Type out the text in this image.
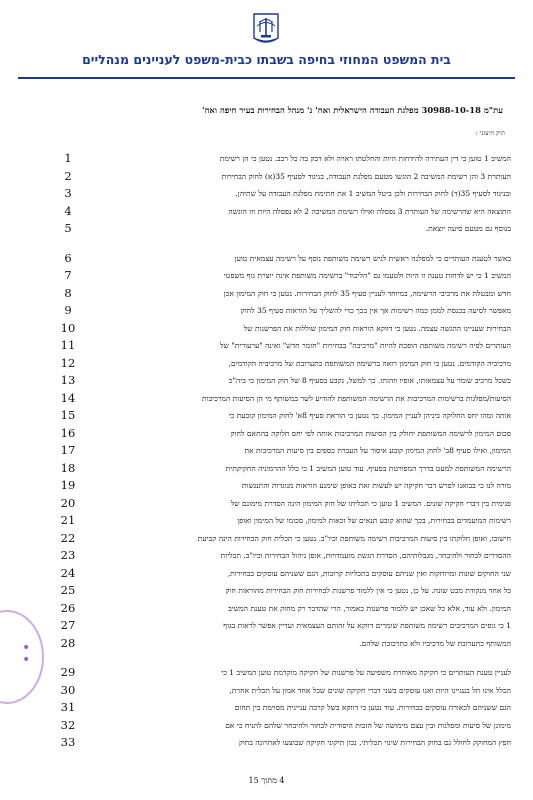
בית המשפט המחוזי בחיפה בשבתו כבית-משפט לעניינים מנהליים
עת"מ 30988-10-18 מפלגת העבודה הישראלית ואח' נ' מנהל הבחירות בעיר חיפה ואח'
תיק חיצוני :
1
2
3
4
5
6
7
8
9
10
11
12
13
14
15
16
17
18
19
20
21
22
23
24
25
26
27
28
29
30
31
32
33
המשיב 1 טוען כי דין העתירה להידחות היות והחלטתו ראויה ולא דבק בה כל רבב. נטען כי הן רשימת
העותרת 3 והן רשימת המשיבה 2 הוגשו מטעם מפלגת העבודה, בניגוד לסעיף 35(א) לחוק הבחירות
ובניגוד לסעיף 35(ד) לחוק הבחירות ולכן ביטל המשיב 1 את חתימת מפלגת העבודה על שתיהן.
התוצאה היא שהרשימה של העותרת 3 נפסלה ואילו רשימת המשיבה 2 לא נפסלה היות וזו הוגשה
בנוסף גם מטעם סיעה יוצאת.
באשר לטענת העותרים כי למפלגה ראשית לגיש רשימה משותפת נוסף על רשימה עצמאית טוען
המשיב 1 כי יש לדחות טענה זו היות ולטעמו גם "הליכוד" ברשימה משותפת אינה יוצרת גוף משפטי
חדש ומבטלת את מרכיבי הרשימה, במיוחד לעניין סעיף 35 לחוק הבחירות. נטען כי חוק המימון אכן
מאפשר לסיעה בכנסת לממן כמה רשימות אך אין בכך כדי להשליך על הוראות סעיף 35 לחוק
הבחירות שעניינו ההגשה עצמה. נטען כי דווקא הוראות חוק המימון שוללות את הפרשנות של
העותרים לפיה רשימה משותפת הופכת להיות "מרכיבה" בבחירות "חומר חדש" ואינה "ערעורית" של
מרכיביה הקודמים. נטען כי חוק המימון רואה ברשימה המשותפת כתערובת של מרכיביה הקודמים,
כשכל מרכיב שומר על עצמאותו, אופיו וזהותו. כך למשל, נקבע בסעיף 8 של חוק המימון כי ביה"כ
הסיעות/מפלגות ברשימות המרכיבות את הרשימה המשותפת להודיע לשר במשותף מי הן הסיעות המרכיבות
אותה ומהו יחס החלוקה ביניהן לעניין המימון. כך נטען כי הוראת סעיף 8א' לחוק המימון קובעת כי
סכום המימון לרשימה המשותפת יחולק בין הסיעות המרכיבות אותה לפי יחס חלוקה בהתאם לחוק
המימון, ואילו סעיף 8ב' לחוק המימון קובע איסור על העברת כספים בין סיעות המרכיבות את
הרשימה המשותפת למעט בדרך המפורטת בסעיף. עוד טוען המשיב 1 כי כלל ההרמוניה החקיקתית
מורה לנו כי בבואנו לפרש דבר חקיקה יש לעשות זאת באופן שימנע הוראות מנוגדות והתנגשות
פנימית בין דברי חקיקה שונים. המשיב 1 טוען כי תכליתו של חוק המימון הינה הסדרת מימונם של
רשימות המועמדים בבחירות, בכך שהוא קובע תנאים של זכאות למימון, סכומו של המימון ואופן
חישובו, ואופן חלוקתו בין סיעות המרכיבות רשימה משותפת וכיו"ב. נטען כי תכלית חוק הבחירות הינה קביעת
ההסדרים לבחור ולהיבחר, מגבלותיהם, הסדרת הגשת מועמדויות, אופן ניהול הבחירות וכיו"ב. תכליות
שני החוקים שונות ומרוחקות ואין שניהם עוסקים בתכליות קרובות, הגם ששניהם עוסקים בבחירות,
כל אחד מנקודת מבט שונה. על כן, נטען כי אין ללמוד פרשנות לבחירות חוק הבחירות מהוראות חוק
המימון. ולא עוד, אלא כל שאכן יש ללמוד פרשנות כאמור, הרי שהדבר רק מחזק את טענת המשיב
1 כי גופים המרכיבים רשימה משותפת שומרים דווקא על זהותם העצמאית ועדיין אפשר לראות בגוף
המשותף כתערובת של מרכיביו ולא כתרכובת שלהם.
לעניין טענת העותרים כי חקיקה מאוחרת משפיעה על פרשנות של חקיקה מוקדמת טוען המשיב 1 כי
הכלל אינו חל בעניינו היות ואנו עוסקים בשני דברי חקיקה שונים שכל אחד אמון על תכלית אחרת,
הגם ששניהם לכאורה עוסקים בבחירות. עוד נטען כי דווקא בשל קרבה עניינית מסוימת בין תחום
מימונן של סיעות ומפלגות ובין עצם מימושה של הזכות היסודית לבחור ולהיבחר שלהם להניח כי אם
חפץ המחוקק לחולל גם בחוק הבחירות שינוי תכליתי, נכון תיקוני חקיקה שבוצעו לאחרונה בחוק
•
•
4 מתוך 15
